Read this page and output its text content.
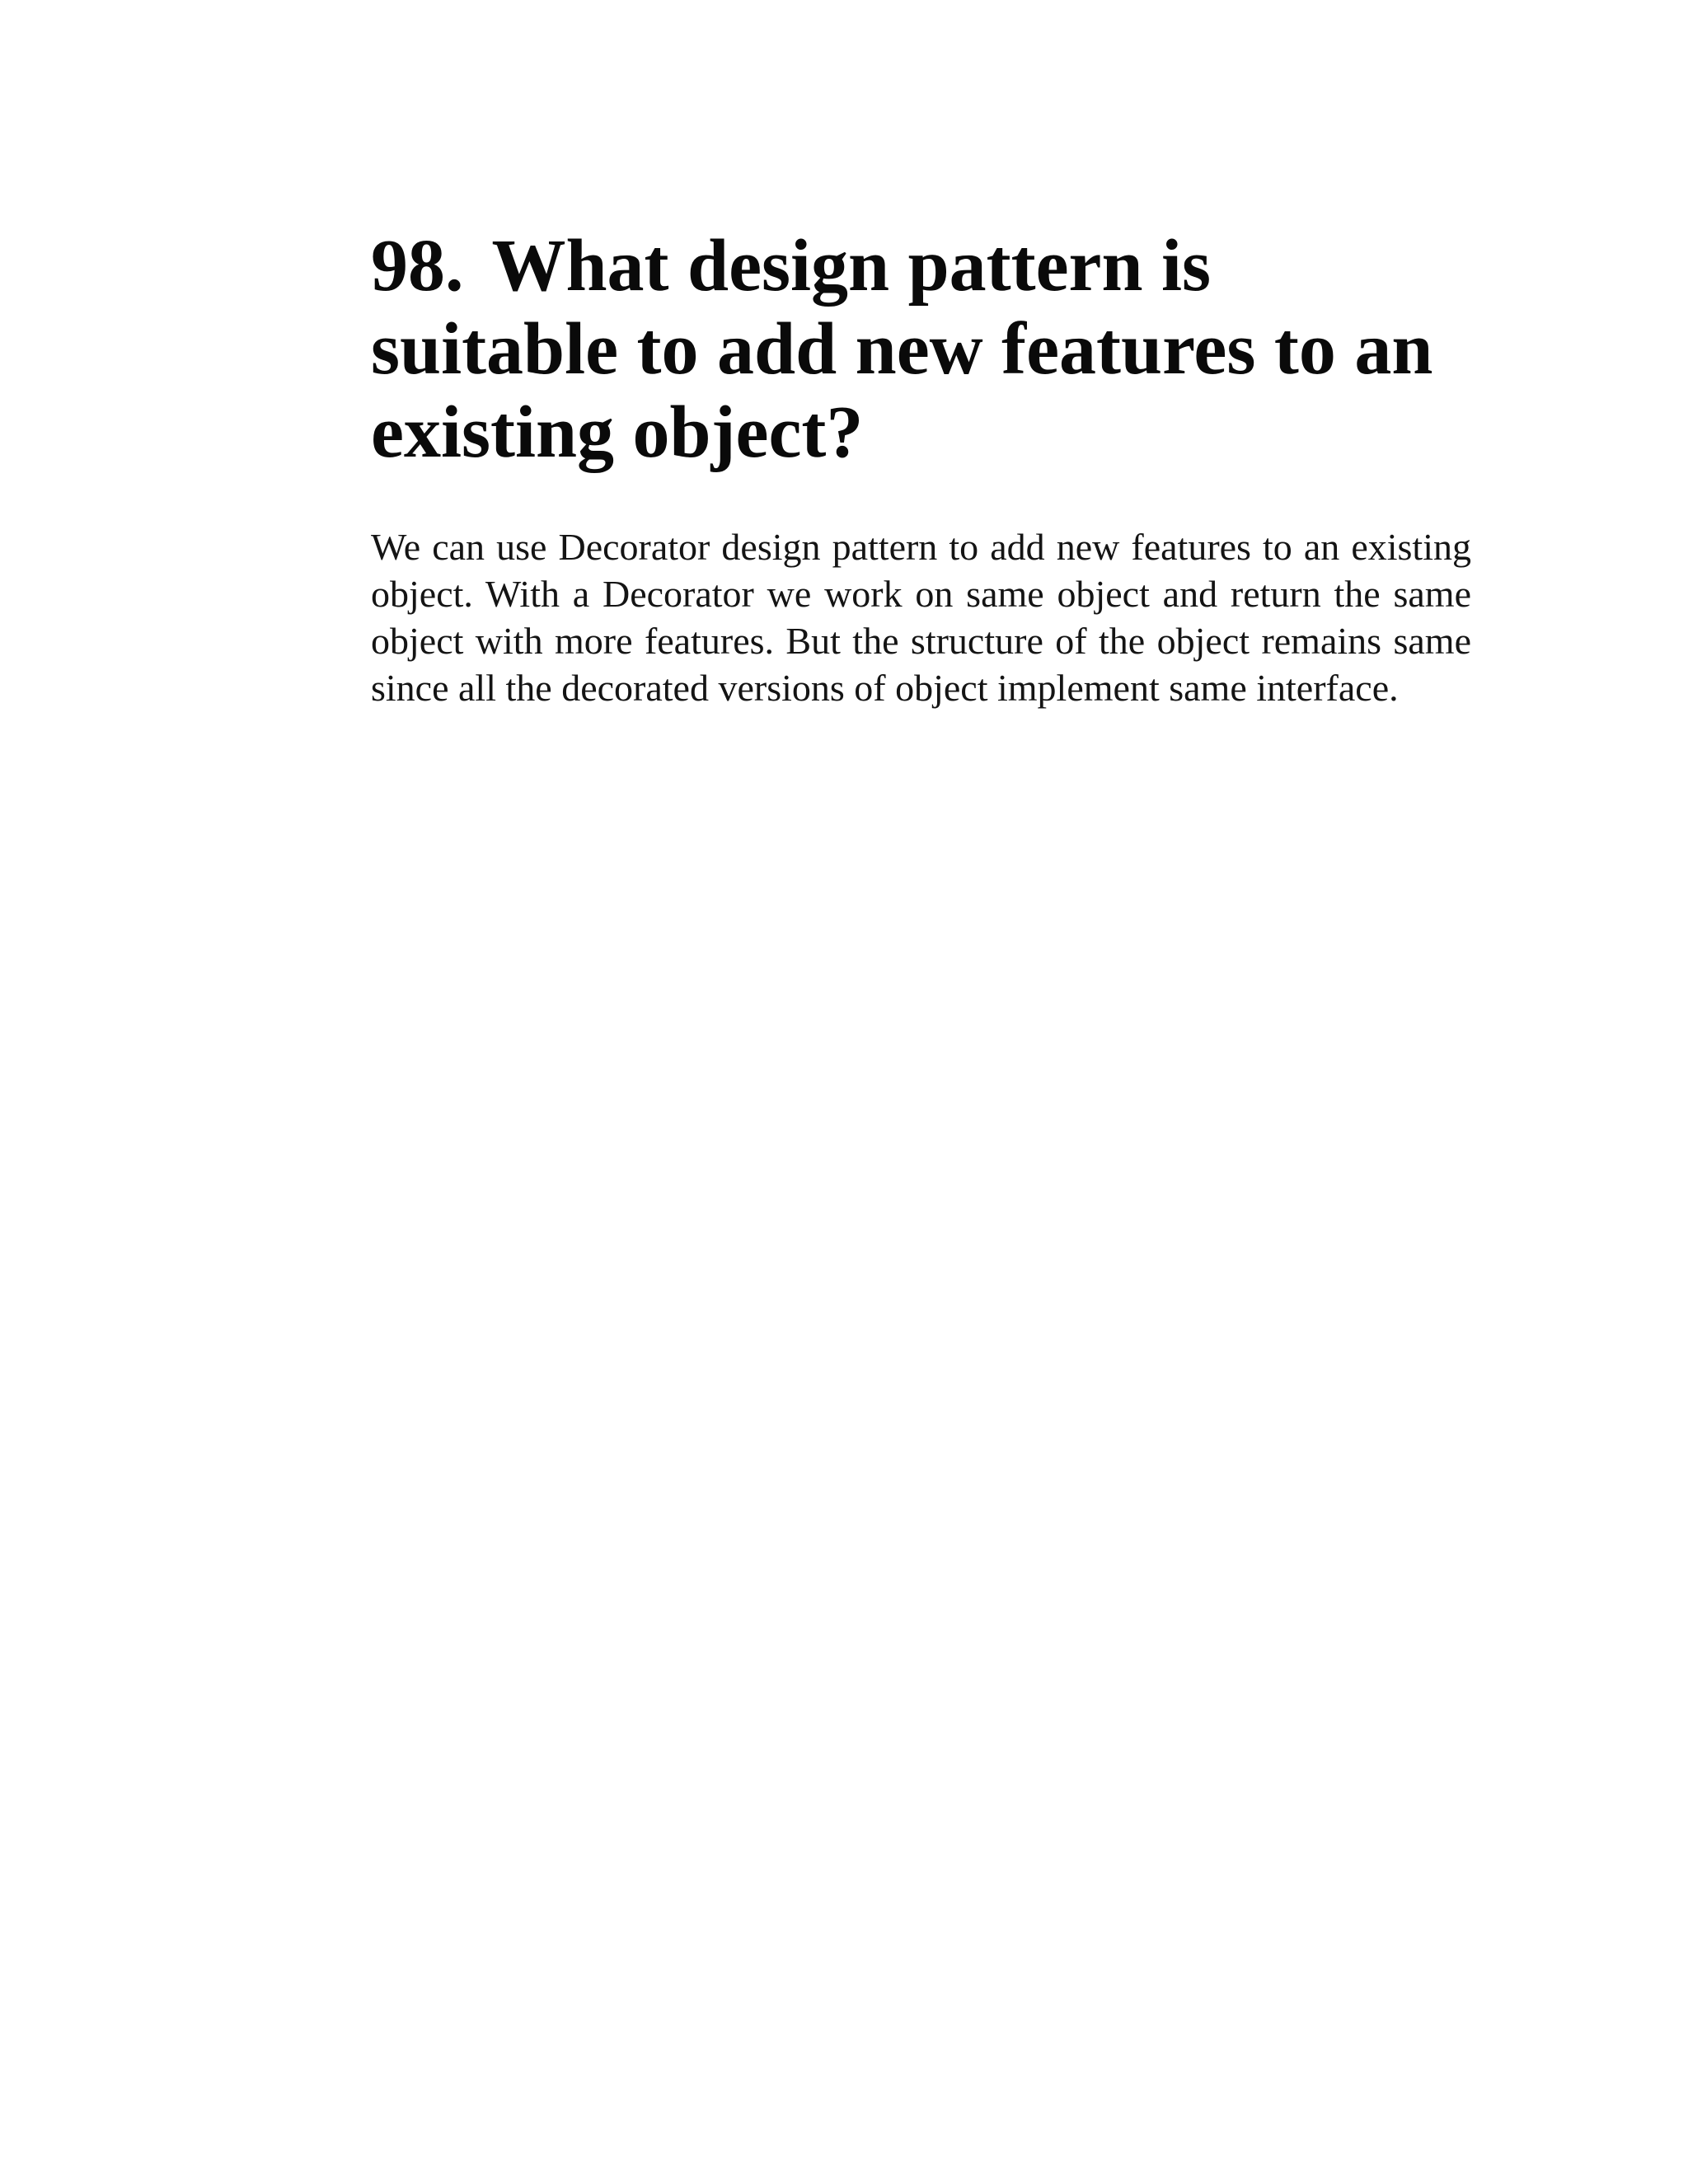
98. What design pattern is suitable to add new features to an existing object?

We can use Decorator design pattern to add new features to an existing object. With a Decorator we work on same object and return the same object with more features. But the structure of the object remains same since all the decorated versions of object implement same interface.
